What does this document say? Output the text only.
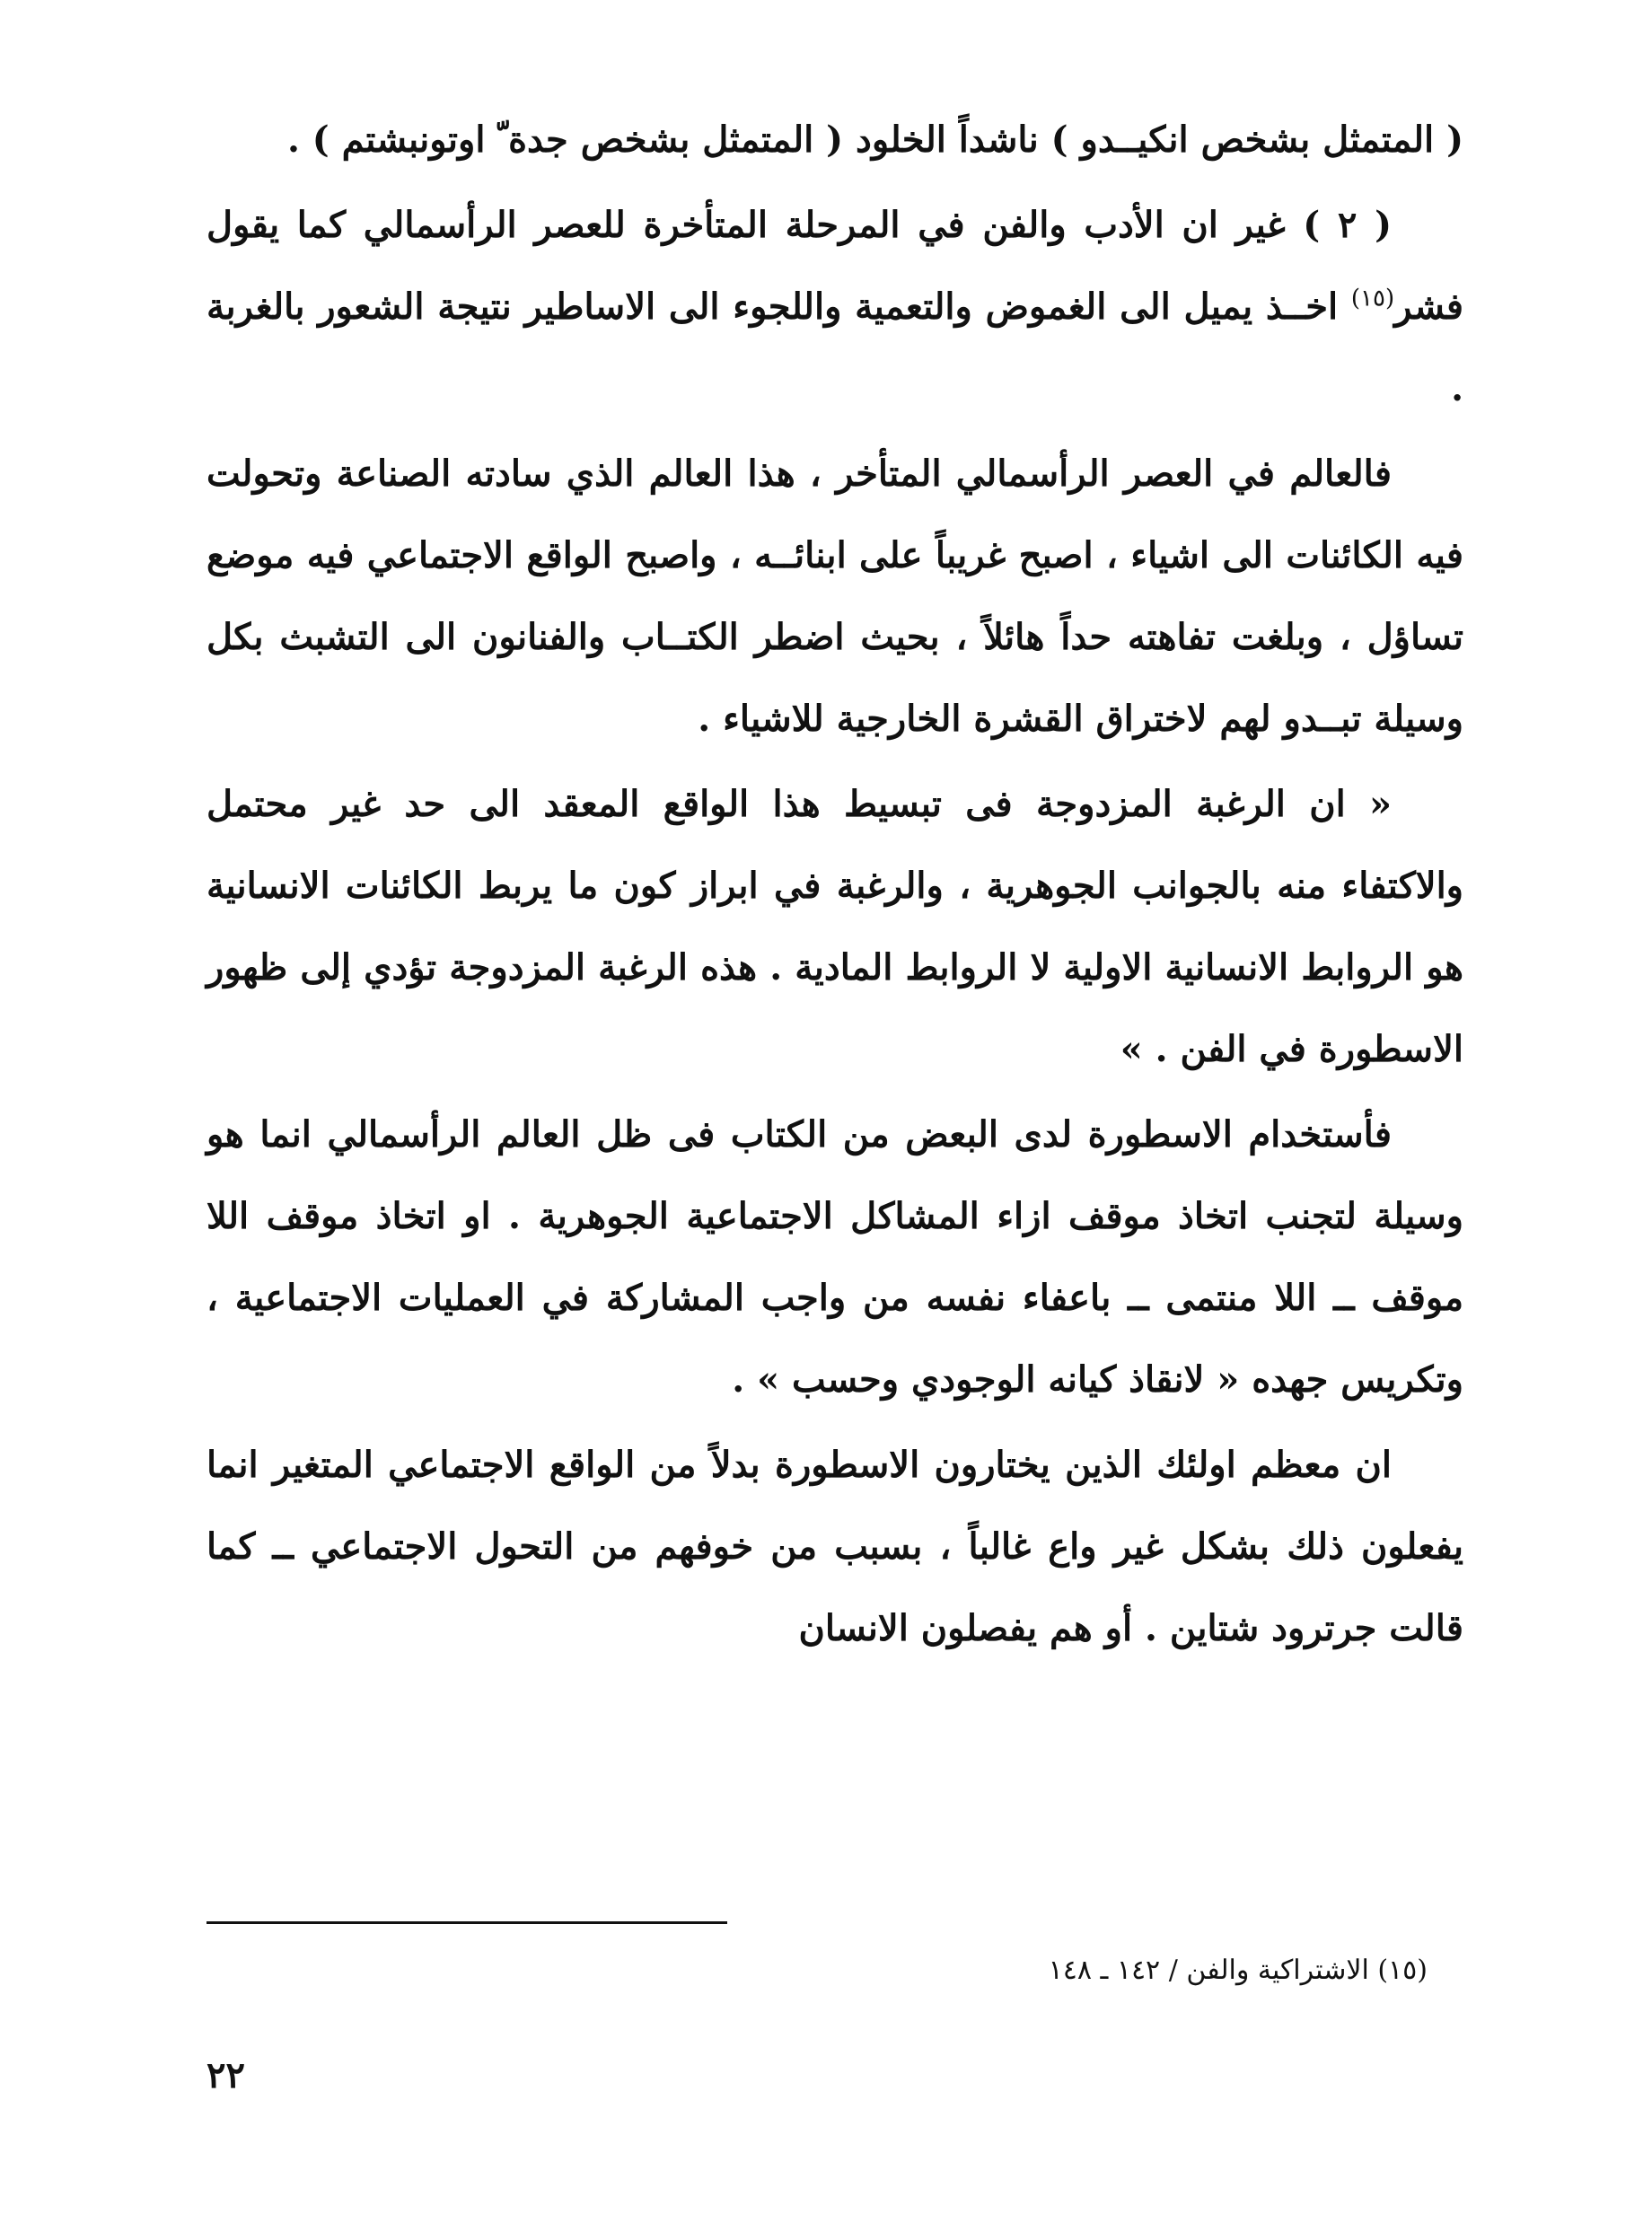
( المتمثل بشخص انكيــدو ) ناشداً الخلود ( المتمثل بشخص جدة ّ اوتونبشتم ) .

( ٢ ) غير ان الأدب والفن في المرحلة المتأخرة للعصر الرأسمالي كما يقول فشر$^{(١٥)}$ اخــذ يميل الى الغموض والتعمية واللجوء الى الاساطير نتيجة الشعور بالغربة .

فالعالم في العصر الرأسمالي المتأخر ، هذا العالم الذي سادته الصناعة وتحولت فيه الكائنات الى اشياء ، اصبح غريباً على ابنائــه ، واصبح الواقع الاجتماعي فيه موضع تساؤل ، وبلغت تفاهته حداً هائلاً ، بحيث اضطر الكتــاب والفنانون الى التشبث بكل وسيلة تبــدو لهم لاختراق القشرة الخارجية للاشياء .

« ان الرغبة المزدوجة فى تبسيط هذا الواقع المعقد الى حد غير محتمل والاكتفاء منه بالجوانب الجوهرية ، والرغبة في ابراز كون ما يربط الكائنات الانسانية هو الروابط الانسانية الاولية لا الروابط المادية . هذه الرغبة المزدوجة تؤدي إلى ظهور الاسطورة في الفن . »

فأستخدام الاسطورة لدى البعض من الكتاب فى ظل العالم الرأسمالي انما هو وسيلة لتجنب اتخاذ موقف ازاء المشاكل الاجتماعية الجوهرية . او اتخاذ موقف اللا موقف ــ اللا منتمى ــ باعفاء نفسه من واجب المشاركة في العمليات الاجتماعية ، وتكريس جهده « لانقاذ كيانه الوجودي وحسب » .

ان معظم اولئك الذين يختارون الاسطورة بدلاً من الواقع الاجتماعي المتغير انما يفعلون ذلك بشكل غير واع غالباً ، بسبب من خوفهم من التحول الاجتماعي ــ كما قالت جرترود شتاين . أو هم يفصلون الانسان

(١٥) الاشتراكية والفن / ١٤٢ ـ ١٤٨

٢٢
